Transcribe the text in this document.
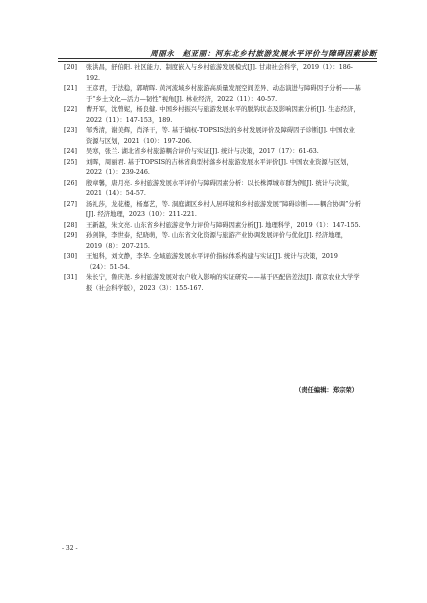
周丽永　赵亚丽：河东北乡村旅游发展水平评价与障碍因素诊断
[20]	张洪昌，舒伯阳. 社区能力、制度嵌入与乡村旅游发展模式[J]. 甘肃社会科学，2019（1）：186-192.
[21]	王彦君，于法稳，郭晴晖. 黄河流域乡村旅游高质量发展空间差异、动态演进与障碍因子分析——基于“乡土文化—活力—韧性”视角[J]. 林业经济，2022（11）：40-57.
[22]	曹开军，沈曾妮，杨良健. 中国乡村振兴与旅游发展水平的脱钩状态及影响因素分析[J]. 生态经济，2022（11）：147-153，189.
[23]	邹秀清，谢美辉，肖泽干，等. 基于熵权-TOPSIS法的乡村发展评价及障碍因子诊断[J]. 中国农业资源与区划，2021（10）：197-206.
[24]	吴寒，张兰. 湖北省乡村旅游耦合评价与实证[J]. 统计与决策，2017（17）：61-63.
[25]	刘晖，周丽君. 基于TOPSIS的吉林省典型村落乡村旅游发展水平评价[J]. 中国农业资源与区划，2022（1）：239-246.
[26]	殷章馨，唐月亮. 乡村旅游发展水平评价与障碍因素分析：以长株潭城市群为例[J]. 统计与决策，2021（14）：54-57.
[27]	汤礼莎，龙花楼，杨嘉艺，等. 洞庭湖区乡村人居环境和乡村旅游发展“障碍诊断——耦合协调”分析[J]. 经济地理，2023（10）：211-221.
[28]	王新越，朱文亮. 山东省乡村旅游竞争力评价与障碍因素分析[J]. 地理科学，2019（1）：147-155.
[29]	孙剑锋，李世泰，纪晓萌，等. 山东省文化资源与旅游产业协调发展评价与优化[J]. 经济地理，2019（8）：207-215.
[30]	王旭科，刘文静，李华. 全域旅游发展水平评价指标体系构建与实证[J]. 统计与决策，2019（24）：51-54.
[31]	朱长宁，鲁庆尧. 乡村旅游发展对农户收入影响的实证研究——基于匹配倍差法[J]. 南京农业大学学报（社会科学版），2023（3）：155-167.
（责任编辑：郑宗荣）
- 32 -
